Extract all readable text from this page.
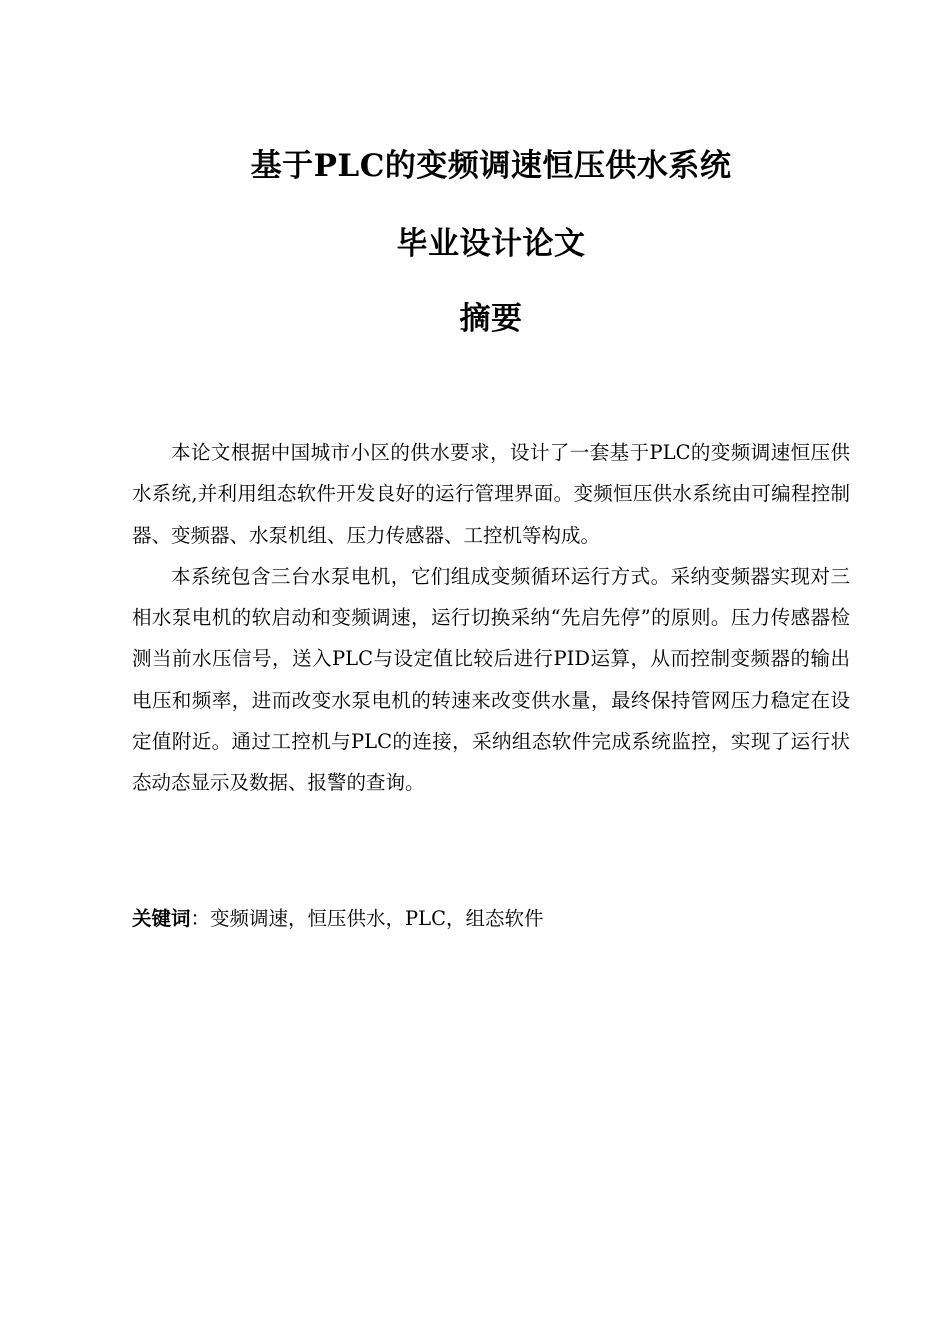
基于PLC的变频调速恒压供水系统
毕业设计论文
摘要

本论文根据中国城市小区的供水要求，设计了一套基于PLC的变频调速恒压供水系统,并利用组态软件开发良好的运行管理界面。变频恒压供水系统由可编程控制器、变频器、水泵机组、压力传感器、工控机等构成。

本系统包含三台水泵电机，它们组成变频循环运行方式。采纳变频器实现对三相水泵电机的软启动和变频调速，运行切换采纳“先启先停”的原则。压力传感器检测当前水压信号，送入PLC与设定值比较后进行PID运算，从而控制变频器的输出电压和频率，进而改变水泵电机的转速来改变供水量，最终保持管网压力稳定在设定值附近。通过工控机与PLC的连接，采纳组态软件完成系统监控，实现了运行状态动态显示及数据、报警的查询。

关键词：变频调速，恒压供水，PLC，组态软件
